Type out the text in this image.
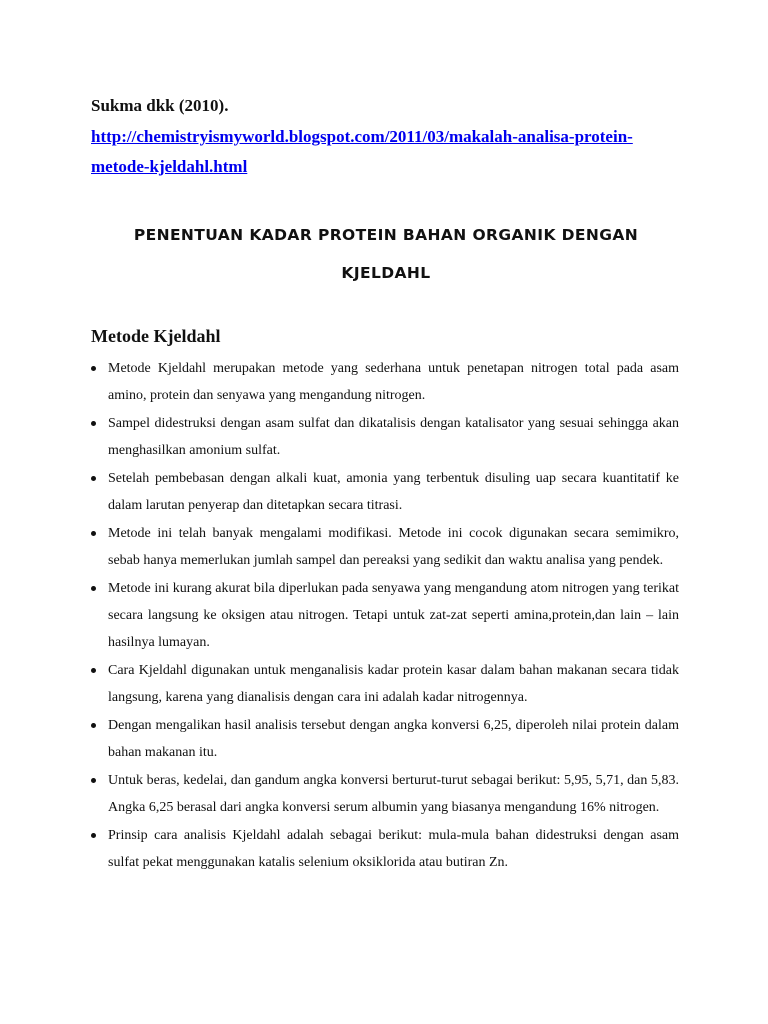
Sukma dkk (2010).
http://chemistryismyworld.blogspot.com/2011/03/makalah-analisa-protein-
metode-kjeldahl.html
PENENTUAN KADAR PROTEIN BAHAN ORGANIK DENGAN
KJELDAHL
Metode Kjeldahl
Metode Kjeldahl merupakan metode yang sederhana untuk penetapan nitrogen total pada asam amino, protein dan senyawa yang mengandung nitrogen.
Sampel didestruksi dengan asam sulfat dan dikatalisis dengan katalisator yang sesuai sehingga akan menghasilkan amonium sulfat.
Setelah pembebasan dengan alkali kuat, amonia yang terbentuk disuling uap secara kuantitatif ke dalam larutan penyerap dan ditetapkan secara titrasi.
Metode ini telah banyak mengalami modifikasi. Metode ini cocok digunakan secara semimikro, sebab hanya memerlukan jumlah sampel dan pereaksi yang sedikit dan waktu analisa yang pendek.
Metode ini kurang akurat bila diperlukan pada senyawa yang mengandung atom nitrogen yang terikat secara langsung ke oksigen atau nitrogen. Tetapi untuk zat-zat seperti amina,protein,dan lain – lain hasilnya lumayan.
Cara Kjeldahl digunakan untuk menganalisis kadar protein kasar dalam bahan makanan secara tidak langsung, karena yang dianalisis dengan cara ini adalah kadar nitrogennya.
Dengan mengalikan hasil analisis tersebut dengan angka konversi 6,25, diperoleh nilai protein dalam bahan makanan itu.
Untuk beras, kedelai, dan gandum angka konversi berturut-turut sebagai berikut: 5,95, 5,71, dan 5,83. Angka 6,25 berasal dari angka konversi serum albumin yang biasanya mengandung 16% nitrogen.
Prinsip cara analisis Kjeldahl adalah sebagai berikut: mula-mula bahan didestruksi dengan asam sulfat pekat menggunakan katalis selenium oksiklorida atau butiran Zn.
